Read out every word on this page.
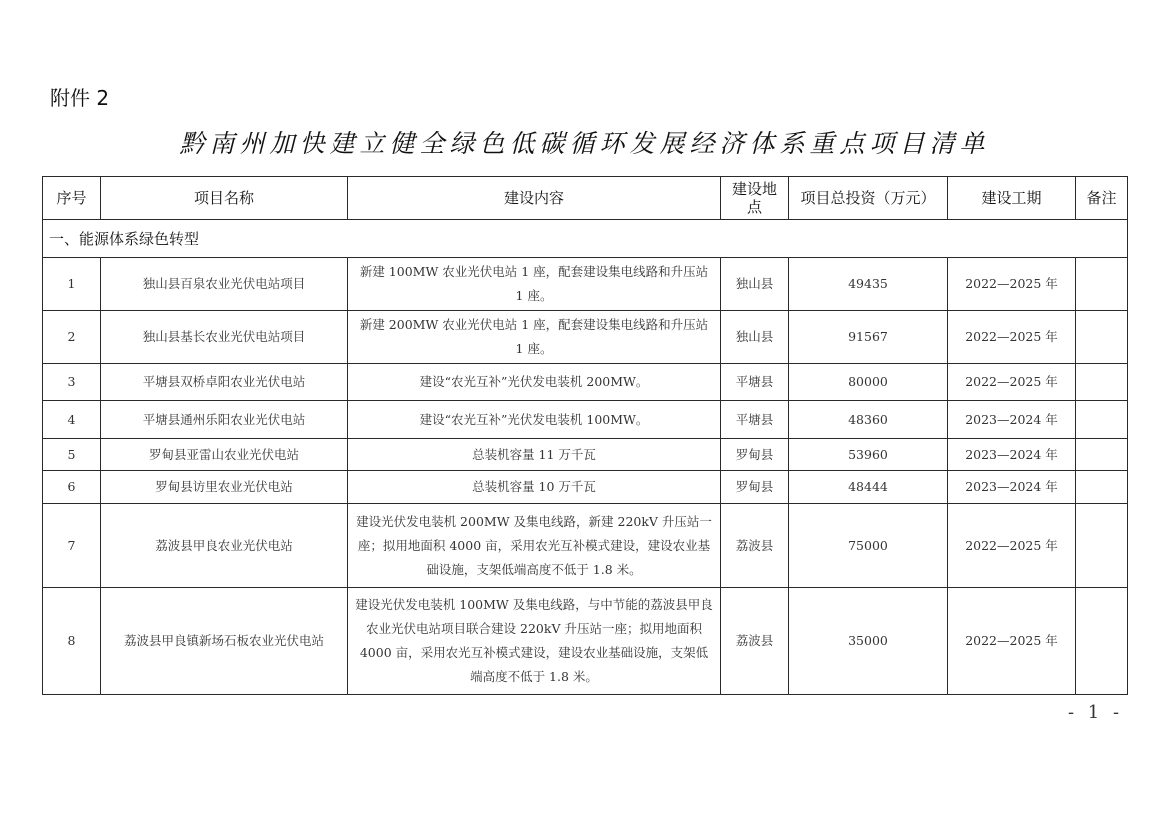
附件 2
黔南州加快建立健全绿色低碳循环发展经济体系重点项目清单
序号	项目名称	建设内容	建设地点	项目总投资（万元）	建设工期	备注
一、能源体系绿色转型						
1	独山县百泉农业光伏电站项目	新建 100MW 农业光伏电站 1 座，配套建设集电线路和升压站 1 座。	独山县	49435	2022—2025 年	
2	独山县基长农业光伏电站项目	新建 200MW 农业光伏电站 1 座，配套建设集电线路和升压站 1 座。	独山县	91567	2022—2025 年	
3	平塘县双桥卓阳农业光伏电站	建设“农光互补”光伏发电装机 200MW。	平塘县	80000	2022—2025 年	
4	平塘县通州乐阳农业光伏电站	建设“农光互补”光伏发电装机 100MW。	平塘县	48360	2023—2024 年	
5	罗甸县亚雷山农业光伏电站	总装机容量 11 万千瓦	罗甸县	53960	2023—2024 年	
6	罗甸县访里农业光伏电站	总装机容量 10 万千瓦	罗甸县	48444	2023—2024 年	
7	荔波县甲良农业光伏电站	建设光伏发电装机 200MW 及集电线路，新建 220kV 升压站一座；拟用地面积 4000 亩，采用农光互补模式建设，建设农业基础设施，支架低端高度不低于 1.8 米。	荔波县	75000	2022—2025 年	
8	荔波县甲良镇新场石板农业光伏电站	建设光伏发电装机 100MW 及集电线路，与中节能的荔波县甲良农业光伏电站项目联合建设 220kV 升压站一座；拟用地面积 4000 亩，采用农光互补模式建设，建设农业基础设施，支架低端高度不低于 1.8 米。	荔波县	35000	2022—2025 年	
- 1 -
